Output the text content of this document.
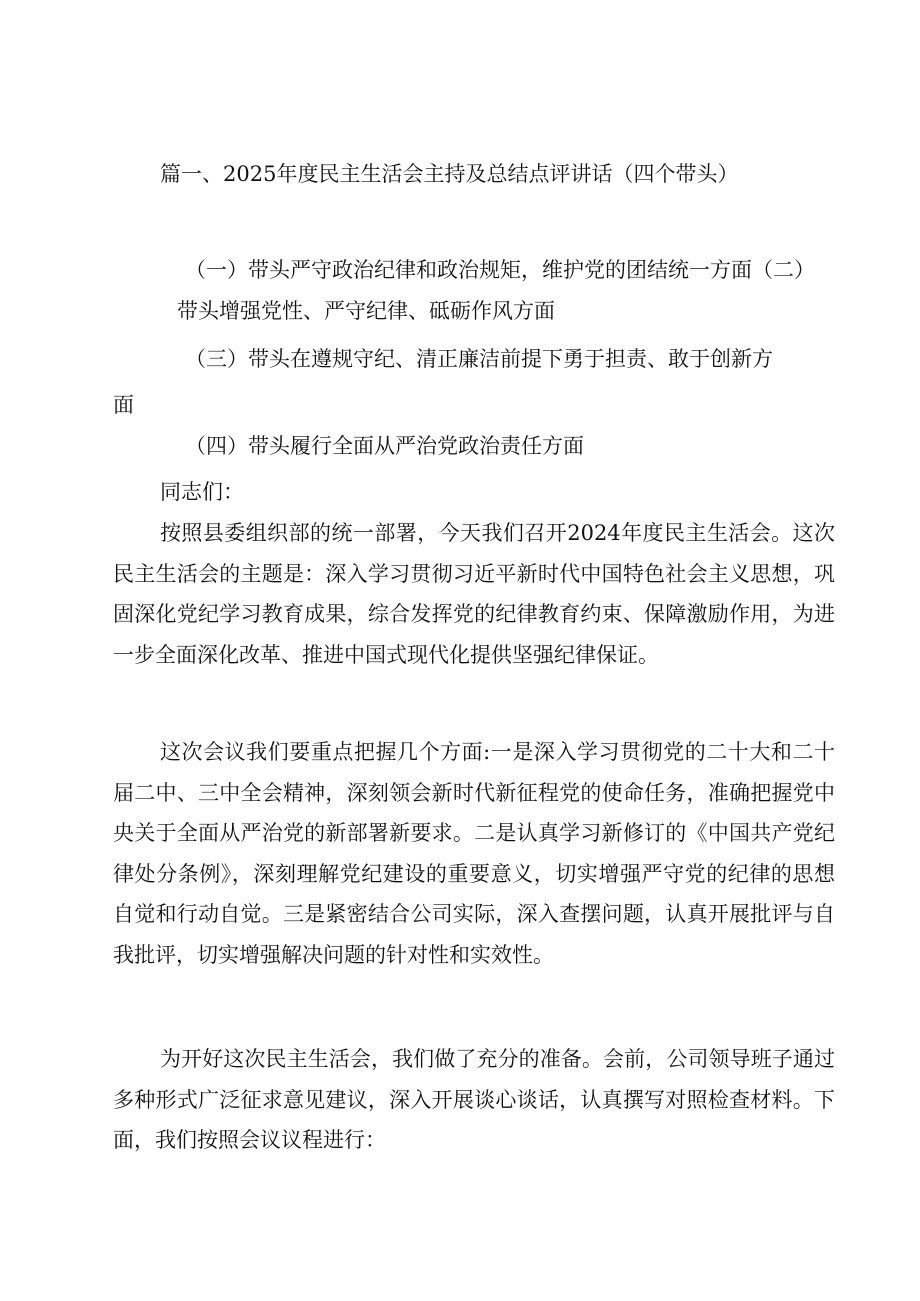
篇一、2025年度民主生活会主持及总结点评讲话（四个带头）
（一）带头严守政治纪律和政治规矩，维护党的团结统一方面（二）
带头增强党性、严守纪律、砥砺作风方面
（三）带头在遵规守纪、清正廉洁前提下勇于担责、敢于创新方
面
（四）带头履行全面从严治党政治责任方面
同志们：

按照县委组织部的统一部署，今天我们召开2024年度民主生活会。这次民主生活会的主题是：深入学习贯彻习近平新时代中国特色社会主义思想，巩固深化党纪学习教育成果，综合发挥党的纪律教育约束、保障激励作用，为进一步全面深化改革、推进中国式现代化提供坚强纪律保证。

这次会议我们要重点把握几个方面:一是深入学习贯彻党的二十大和二十届二中、三中全会精神，深刻领会新时代新征程党的使命任务，准确把握党中央关于全面从严治党的新部署新要求。二是认真学习新修订的《中国共产党纪律处分条例》，深刻理解党纪建设的重要意义，切实增强严守党的纪律的思想自觉和行动自觉。三是紧密结合公司实际，深入查摆问题，认真开展批评与自我批评，切实增强解决问题的针对性和实效性。

为开好这次民主生活会，我们做了充分的准备。会前，公司领导班子通过多种形式广泛征求意见建议，深入开展谈心谈话，认真撰写对照检查材料。下面，我们按照会议议程进行：
